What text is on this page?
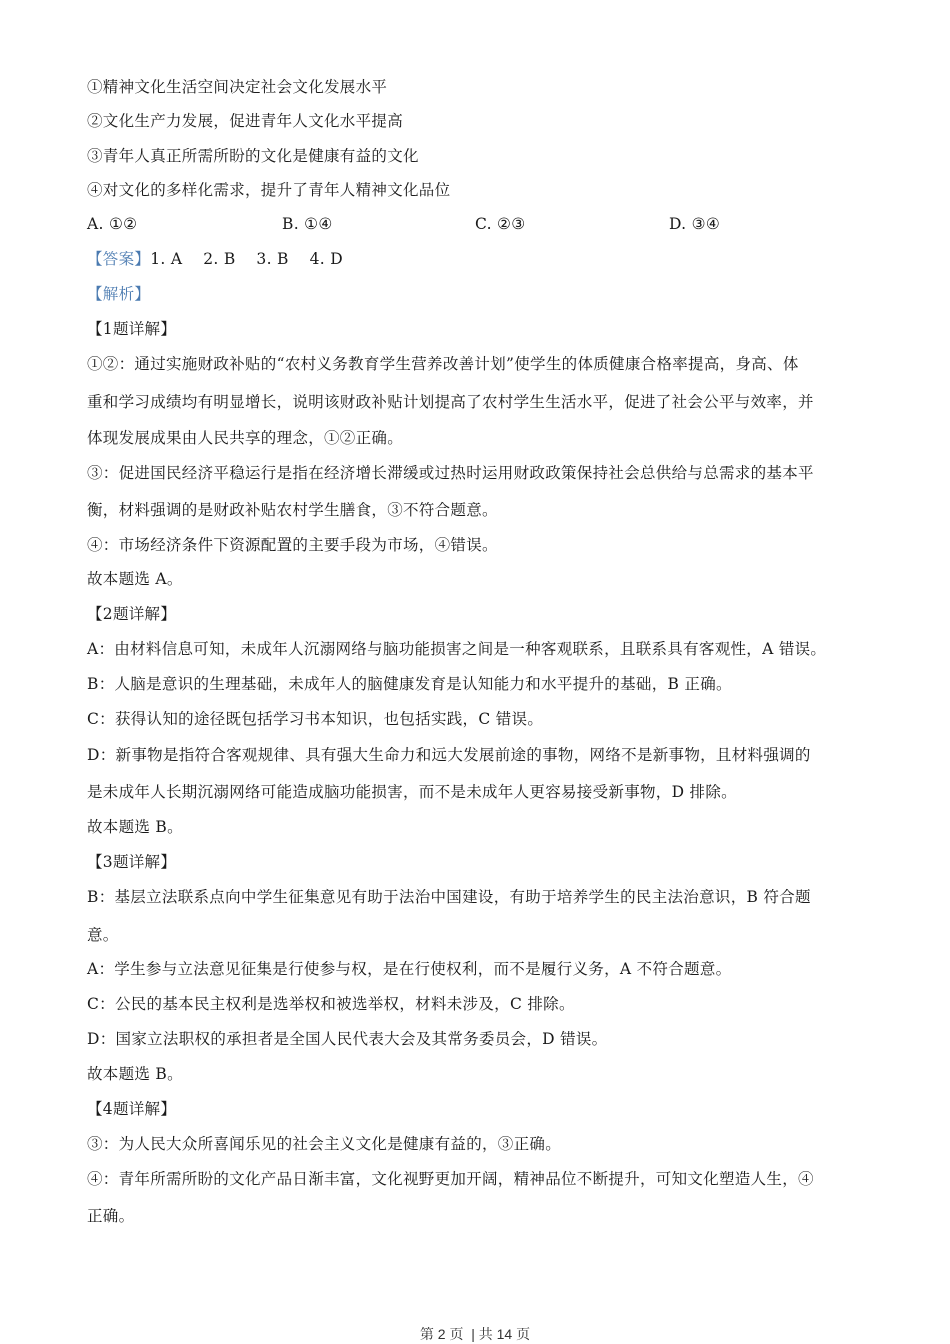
①精神文化生活空间决定社会文化发展水平
②文化生产力发展，促进青年人文化水平提高
③青年人真正所需所盼的文化是健康有益的文化
④对文化的多样化需求，提升了青年人精神文化品位
A. ①②	B. ①④	C. ②③	D. ③④
【答案】1. A    2. B    3. B    4. D
【解析】
【1题详解】
①②：通过实施财政补贴的“农村义务教育学生营养改善计划”使学生的体质健康合格率提高，身高、体
重和学习成绩均有明显增长，说明该财政补贴计划提高了农村学生生活水平，促进了社会公平与效率，并
体现发展成果由人民共享的理念，①②正确。
③：促进国民经济平稳运行是指在经济增长滞缓或过热时运用财政政策保持社会总供给与总需求的基本平
衡，材料强调的是财政补贴农村学生膳食，③不符合题意。
④：市场经济条件下资源配置的主要手段为市场，④错误。
故本题选 A。
【2题详解】
A：由材料信息可知，未成年人沉溺网络与脑功能损害之间是一种客观联系，且联系具有客观性，A 错误。
B：人脑是意识的生理基础，未成年人的脑健康发育是认知能力和水平提升的基础，B 正确。
C：获得认知的途径既包括学习书本知识，也包括实践，C 错误。
D：新事物是指符合客观规律、具有强大生命力和远大发展前途的事物，网络不是新事物，且材料强调的
是未成年人长期沉溺网络可能造成脑功能损害，而不是未成年人更容易接受新事物，D 排除。
故本题选 B。
【3题详解】
B：基层立法联系点向中学生征集意见有助于法治中国建设，有助于培养学生的民主法治意识，B 符合题
意。
A：学生参与立法意见征集是行使参与权，是在行使权利，而不是履行义务，A 不符合题意。
C：公民的基本民主权利是选举权和被选举权，材料未涉及，C 排除。
D：国家立法职权的承担者是全国人民代表大会及其常务委员会，D 错误。
故本题选 B。
【4题详解】
③：为人民大众所喜闻乐见的社会主义文化是健康有益的，③正确。
④：青年所需所盼的文化产品日渐丰富，文化视野更加开阔，精神品位不断提升，可知文化塑造人生，④
正确。
第 2 页  | 共 14 页
